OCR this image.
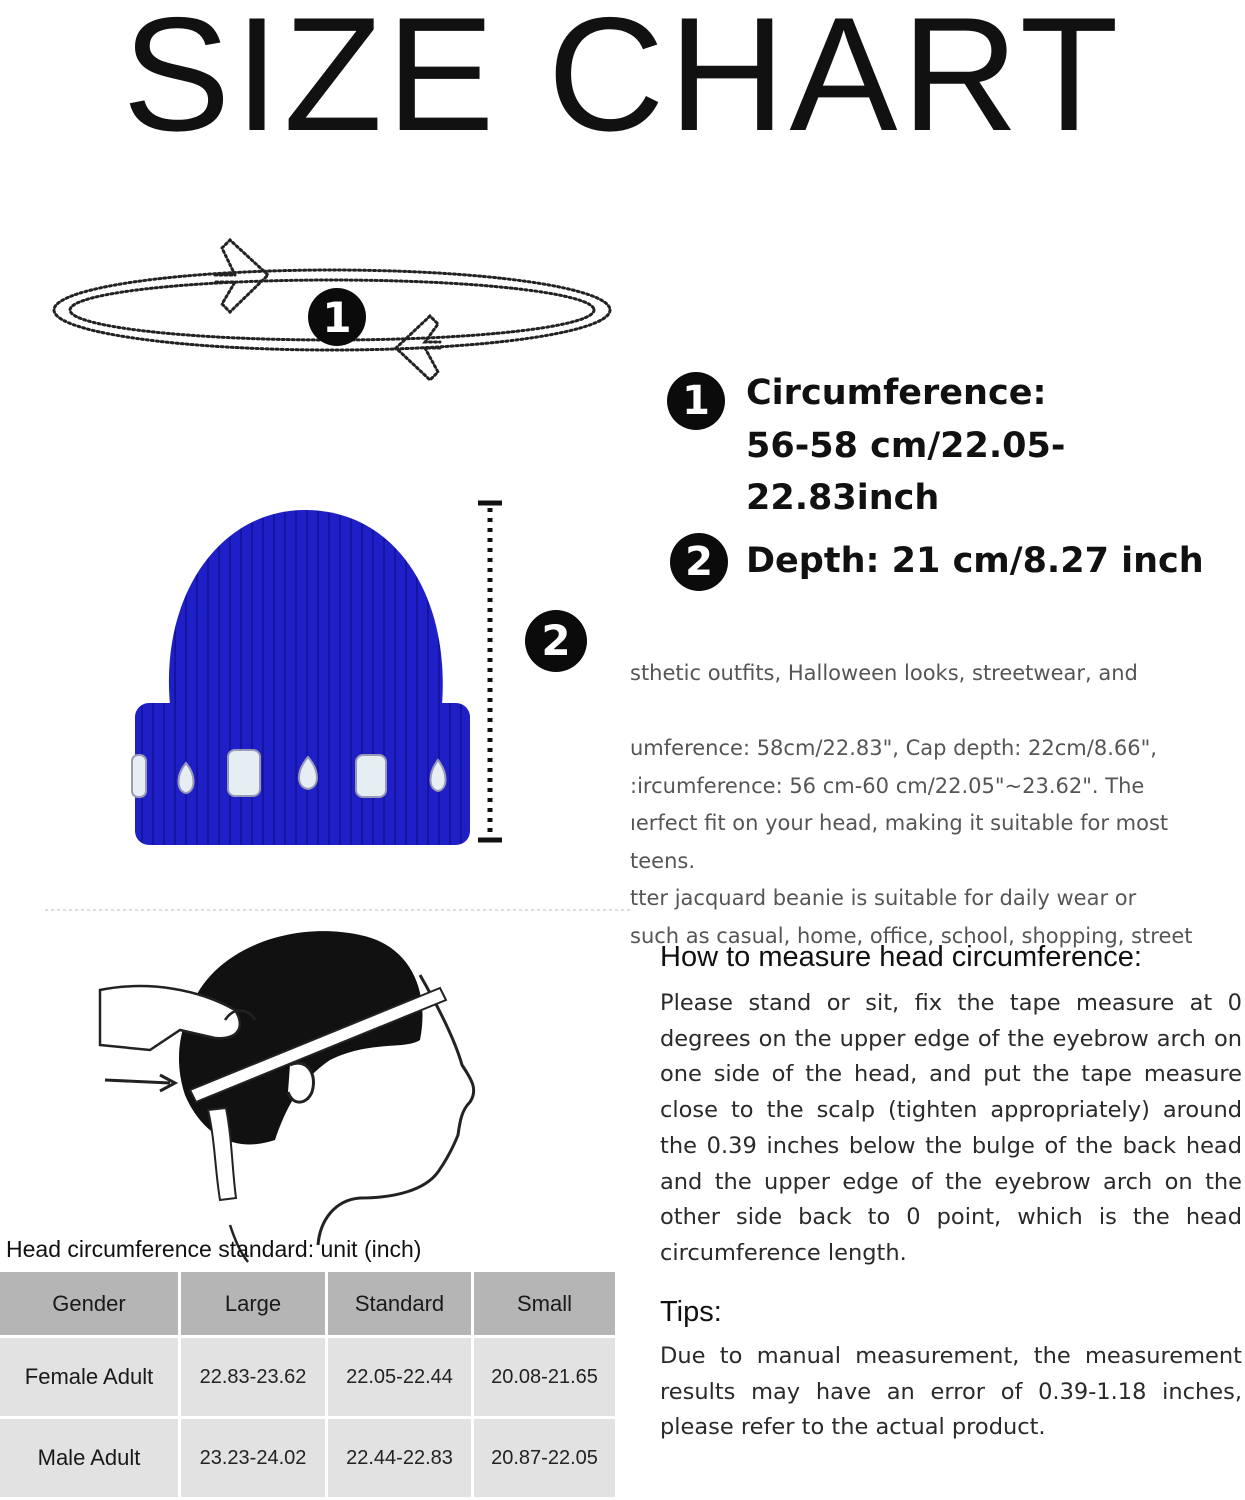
SIZE CHART
1
1	Circumference:
56-58 cm/22.05-22.83inch
2 Depth: 21 cm/8.27 inch
2
sthetic outfits, Halloween looks, streetwear, and
umference: 58cm/22.83", Cap depth: 22cm/8.66",
:ircumference: 56 cm-60 cm/22.05"~23.62". The
ıerfect fit on your head, making it suitable for most
teens.
tter jacquard beanie is suitable for daily wear or
such as casual, home, office, school, shopping, street
Head circumference standard: unit (inch)
Gender	Large	Standard	Small
Female Adult	22.83-23.62	22.05-22.44	20.08-21.65
Male Adult	23.23-24.02	22.44-22.83	20.87-22.05
How to measure head circumference:
Please stand or sit, fix the tape measure at 0 degrees on the upper edge of the eyebrow arch on one side of the head, and put the tape measure close to the scalp (tighten appropriately) around the 0.39 inches below the bulge of the back head and the upper edge of the eyebrow arch on the other side back to 0 point, which is the head circumference length.
Tips:
Due to manual measurement, the measurement results may have an error of 0.39-1.18 inches, please refer to the actual product.
